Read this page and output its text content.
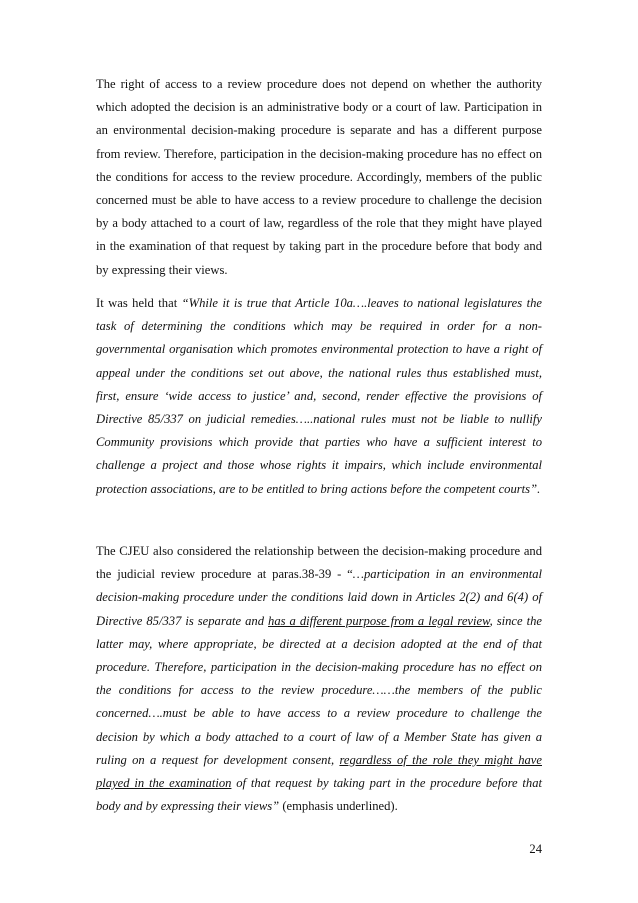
The right of access to a review procedure does not depend on whether the authority which adopted the decision is an administrative body or a court of law. Participation in an environmental decision-making procedure is separate and has a different purpose from review. Therefore, participation in the decision-making procedure has no effect on the conditions for access to the review procedure. Accordingly, members of the public concerned must be able to have access to a review procedure to challenge the decision by a body attached to a court of law, regardless of the role that they might have played in the examination of that request by taking part in the procedure before that body and by expressing their views.

It was held that “While it is true that Article 10a….leaves to national legislatures the task of determining the conditions which may be required in order for a non-governmental organisation which promotes environmental protection to have a right of appeal under the conditions set out above, the national rules thus established must, first, ensure ‘wide access to justice’ and, second, render effective the provisions of Directive 85/337 on judicial remedies…..national rules must not be liable to nullify Community provisions which provide that parties who have a sufficient interest to challenge a project and those whose rights it impairs, which include environmental protection associations, are to be entitled to bring actions before the competent courts”.

The CJEU also considered the relationship between the decision-making procedure and the judicial review procedure at paras.38-39 - “…participation in an environmental decision-making procedure under the conditions laid down in Articles 2(2) and 6(4) of Directive 85/337 is separate and has a different purpose from a legal review, since the latter may, where appropriate, be directed at a decision adopted at the end of that procedure. Therefore, participation in the decision-making procedure has no effect on the conditions for access to the review procedure……the members of the public concerned….must be able to have access to a review procedure to challenge the decision by which a body attached to a court of law of a Member State has given a ruling on a request for development consent, regardless of the role they might have played in the examination of that request by taking part in the procedure before that body and by expressing their views” (emphasis underlined).

24
